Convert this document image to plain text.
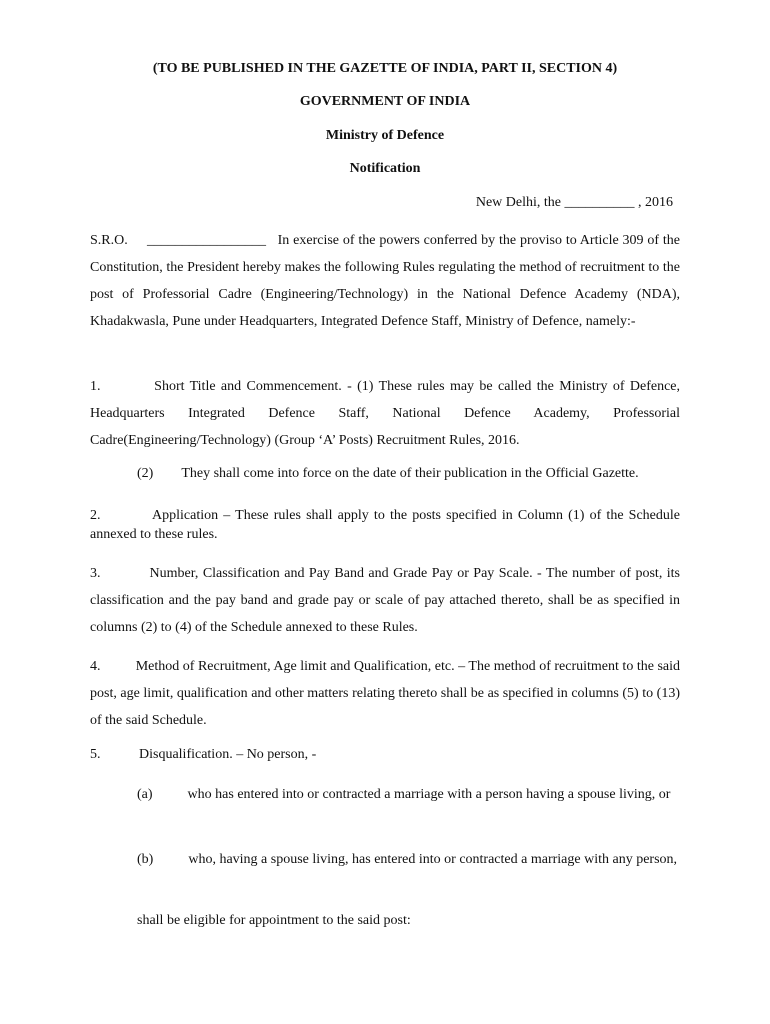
(TO BE PUBLISHED IN THE GAZETTE OF INDIA, PART II, SECTION 4)

GOVERNMENT OF INDIA

Ministry of Defence

Notification

New Delhi, the __________ , 2016

S.R.O. _________________ In exercise of the powers conferred by the proviso to Article 309 of the Constitution, the President hereby makes the following Rules regulating the method of recruitment to the post of Professorial Cadre (Engineering/Technology) in the National Defence Academy (NDA), Khadakwasla, Pune under Headquarters, Integrated Defence Staff, Ministry of Defence, namely:-

1.	Short Title and Commencement. - (1) These rules may be called the Ministry of Defence, Headquarters Integrated Defence Staff, National Defence Academy, Professorial Cadre(Engineering/Technology) (Group ‘A’ Posts) Recruitment Rules, 2016.

(2) They shall come into force on the date of their publication in the Official Gazette.

2.	Application – These rules shall apply to the posts specified in Column (1) of the Schedule annexed to these rules.

3.	Number, Classification and Pay Band and Grade Pay or Pay Scale. - The number of post, its classification and the pay band and grade pay or scale of pay attached thereto, shall be as specified in columns (2) to (4) of the Schedule annexed to these Rules.

4.	Method of Recruitment, Age limit and Qualification, etc. – The method of recruitment to the said post, age limit, qualification and other matters relating thereto shall be as specified in columns (5) to (13) of the said Schedule.

5.	Disqualification. – No person, -

(a)	who has entered into or contracted a marriage with a person having a spouse living, or

(b)	who, having a spouse living, has entered into or contracted a marriage with any person,

shall be eligible for appointment to the said post:
